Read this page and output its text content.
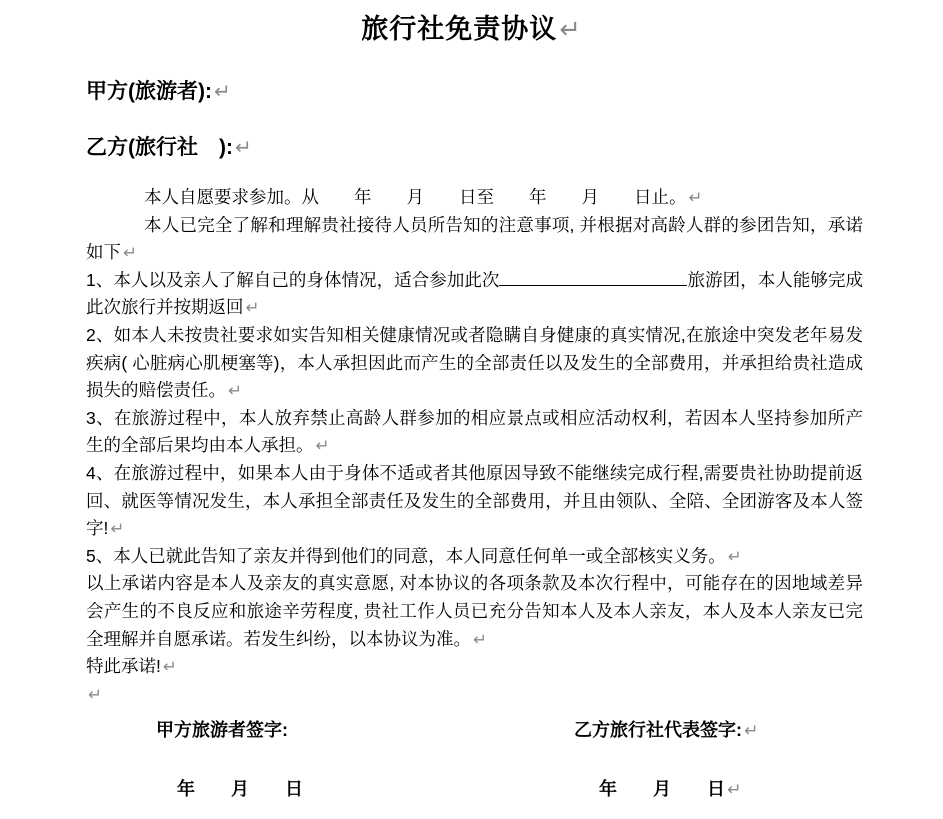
旅行社免责协议↵
甲方(旅游者): ↵
乙方(旅行社　): ↵

本人自愿要求参加。从　　年　　月　　日至　　年　　月　　日止。 ↵

本人已完全了解和理解贵社接待人员所告知的注意事项, 并根据对高龄人群的参团告知，承诺如下 ↵

1、本人以及亲人了解自己的身体情况，适合参加此次	旅游团，本人能够完成此次旅行并按期返回 ↵

2、如本人未按贵社要求如实告知相关健康情况或者隐瞒自身健康的真实情况,在旅途中突发老年易发疾病( 心脏病心肌梗塞等)，本人承担因此而产生的全部责任以及发生的全部费用，并承担给贵社造成损失的赔偿责任。 ↵

3、在旅游过程中，本人放弃禁止高龄人群参加的相应景点或相应活动权利，若因本人坚持参加所产生的全部后果均由本人承担。 ↵

4、在旅游过程中，如果本人由于身体不适或者其他原因导致不能继续完成行程,需要贵社协助提前返回、就医等情况发生，本人承担全部责任及发生的全部费用，并且由领队、全陪、全团游客及本人签字! ↵

5、本人已就此告知了亲友并得到他们的同意，本人同意任何单一或全部核实义务。 ↵

以上承诺内容是本人及亲友的真实意愿, 对本协议的各项条款及本次行程中，可能存在的因地域差异会产生的不良反应和旅途辛劳程度, 贵社工作人员已充分告知本人及本人亲友，本人及本人亲友已完全理解并自愿承诺。若发生纠纷，以本协议为准。 ↵

特此承诺! ↵

↵

甲方旅游者签字:	乙方旅行社代表签字: ↵
年　　月　　日	年　　月　　日 ↵
